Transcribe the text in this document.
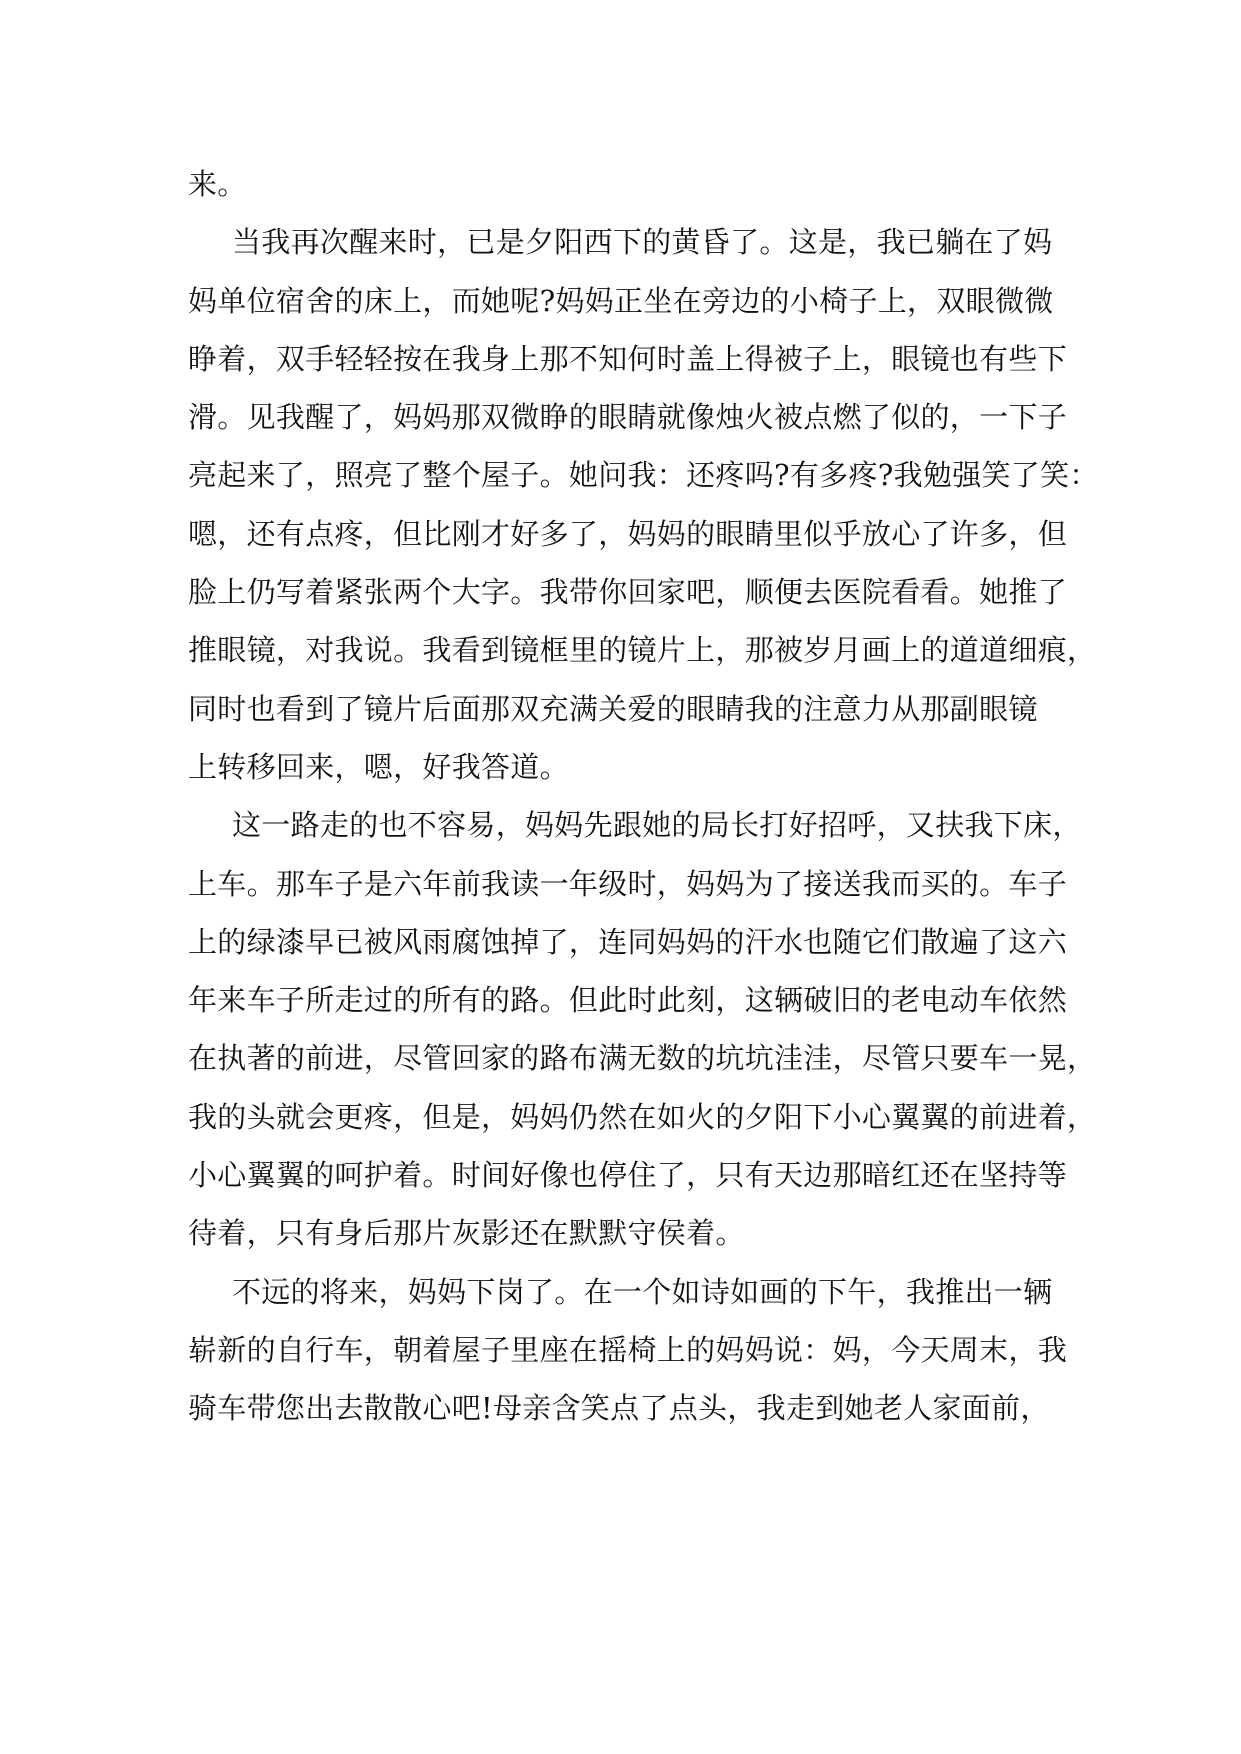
来。
当我再次醒来时，已是夕阳西下的黄昏了。这是，我已躺在了妈
妈单位宿舍的床上，而她呢?妈妈正坐在旁边的小椅子上，双眼微微
睁着，双手轻轻按在我身上那不知何时盖上得被子上，眼镜也有些下
滑。见我醒了，妈妈那双微睁的眼睛就像烛火被点燃了似的，一下子
亮起来了，照亮了整个屋子。她问我：还疼吗?有多疼?我勉强笑了笑：
嗯，还有点疼，但比刚才好多了，妈妈的眼睛里似乎放心了许多，但
脸上仍写着紧张两个大字。我带你回家吧，顺便去医院看看。她推了
推眼镜，对我说。我看到镜框里的镜片上，那被岁月画上的道道细痕，
同时也看到了镜片后面那双充满关爱的眼睛我的注意力从那副眼镜
上转移回来，嗯，好我答道。
这一路走的也不容易，妈妈先跟她的局长打好招呼，又扶我下床，
上车。那车子是六年前我读一年级时，妈妈为了接送我而买的。车子
上的绿漆早已被风雨腐蚀掉了，连同妈妈的汗水也随它们散遍了这六
年来车子所走过的所有的路。但此时此刻，这辆破旧的老电动车依然
在执著的前进，尽管回家的路布满无数的坑坑洼洼，尽管只要车一晃，
我的头就会更疼，但是，妈妈仍然在如火的夕阳下小心翼翼的前进着，
小心翼翼的呵护着。时间好像也停住了，只有天边那暗红还在坚持等
待着，只有身后那片灰影还在默默守侯着。
不远的将来，妈妈下岗了。在一个如诗如画的下午，我推出一辆
崭新的自行车，朝着屋子里座在摇椅上的妈妈说：妈，今天周末，我
骑车带您出去散散心吧!母亲含笑点了点头，我走到她老人家面前，
